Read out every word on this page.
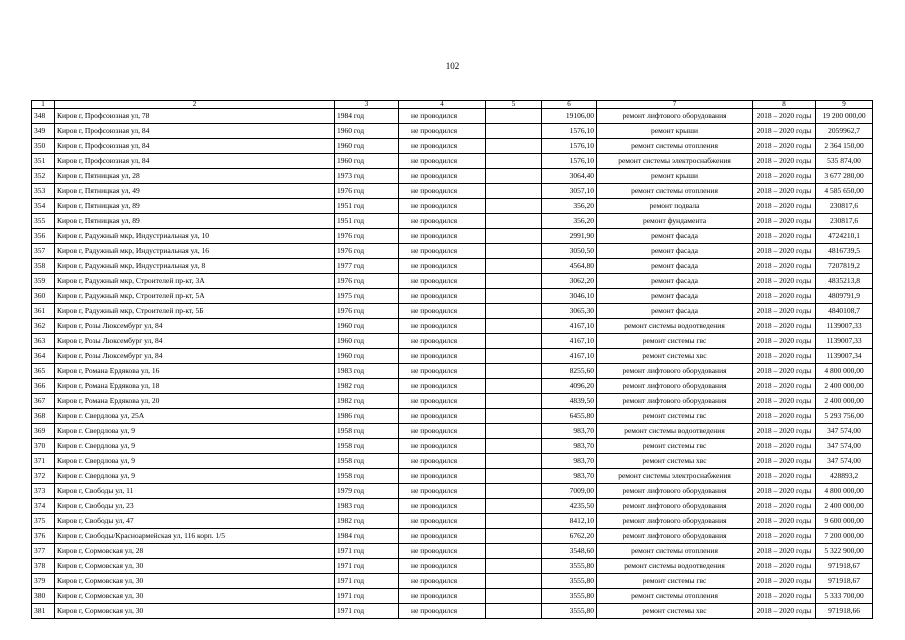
102
1	2	3	4	5	6	7	8	9
348	Киров г, Профсоюзная ул, 78	1984 год	не проводился		19106,00	ремонт лифтового оборудования	2018 – 2020 годы	19 200 000,00
349	Киров г, Профсоюзная ул, 84	1960 год	не проводился		1576,10	ремонт крыши	2018 – 2020 годы	2059962,7
350	Киров г, Профсоюзная ул, 84	1960 год	не проводился		1576,10	ремонт системы отопления	2018 – 2020 годы	2 364 150,00
351	Киров г, Профсоюзная ул, 84	1960 год	не проводился		1576,10	ремонт системы электроснабжения	2018 – 2020 годы	535 874,00
352	Киров г, Пятницкая ул, 28	1973 год	не проводился		3064,40	ремонт крыши	2018 – 2020 годы	3 677 280,00
353	Киров г, Пятницкая ул, 49	1976 год	не проводился		3057,10	ремонт системы отопления	2018 – 2020 годы	4 585 650,00
354	Киров г, Пятницкая ул, 89	1951 год	не проводился		356,20	ремонт подвала	2018 – 2020 годы	230817,6
355	Киров г, Пятницкая ул, 89	1951 год	не проводился		356,20	ремонт фундамента	2018 – 2020 годы	230817,6
356	Киров г, Радужный мкр, Индустриальная ул, 10	1976 год	не проводился		2991,90	ремонт фасада	2018 – 2020 годы	4724210,1
357	Киров г, Радужный мкр, Индустриальная ул, 16	1976 год	не проводился		3050,50	ремонт фасада	2018 – 2020 годы	4816739,5
358	Киров г, Радужный мкр, Индустриальная ул, 8	1977 год	не проводился		4564,80	ремонт фасада	2018 – 2020 годы	7207819,2
359	Киров г, Радужный мкр, Строителей пр-кт, 3А	1976 год	не проводился		3062,20	ремонт фасада	2018 – 2020 годы	4835213,8
360	Киров г, Радужный мкр, Строителей пр-кт, 5А	1975 год	не проводился		3046,10	ремонт фасада	2018 – 2020 годы	4809791,9
361	Киров г, Радужный мкр, Строителей пр-кт, 5Б	1976 год	не проводился		3065,30	ремонт фасада	2018 – 2020 годы	4840108,7
362	Киров г, Розы Люксембург ул, 84	1960 год	не проводился		4167,10	ремонт системы водоотведения	2018 – 2020 годы	1139007,33
363	Киров г, Розы Люксембург ул, 84	1960 год	не проводился		4167,10	ремонт системы гвс	2018 – 2020 годы	1139007,33
364	Киров г, Розы Люксембург ул, 84	1960 год	не проводился		4167,10	ремонт системы хвс	2018 – 2020 годы	1139007,34
365	Киров г, Романа Ердякова ул, 16	1983 год	не проводился		8255,60	ремонт лифтового оборудования	2018 – 2020 годы	4 800 000,00
366	Киров г, Романа Ердякова ул, 18	1982 год	не проводился		4096,20	ремонт лифтового оборудования	2018 – 2020 годы	2 400 000,00
367	Киров г, Романа Ердякова ул, 20	1982 год	не проводился		4839,50	ремонт лифтового оборудования	2018 – 2020 годы	2 400 000,00
368	Киров г. Свердлова ул, 25А	1986 год	не проводился		6455,80	ремонт системы гвс	2018 – 2020 годы	5 293 756,00
369	Киров г. Свердлова ул, 9	1958 год	не проводился		983,70	ремонт системы водоотведения	2018 – 2020 годы	347 574,00
370	Киров г. Свердлова ул, 9	1958 год	не проводился		983,70	ремонт системы гвс	2018 – 2020 годы	347 574,00
371	Киров г. Свердлова ул, 9	1958 год	не проводился		983,70	ремонт системы хвс	2018 – 2020 годы	347 574,00
372	Киров г. Свердлова ул, 9	1958 год	не проводился		983,70	ремонт системы электроснабжения	2018 – 2020 годы	428893,2
373	Киров г, Свободы ул, 11	1979 год	не проводился		7009,00	ремонт лифтового оборудования	2018 – 2020 годы	4 800 000,00
374	Киров г, Свободы ул, 23	1983 год	не проводился		4235,50	ремонт лифтового оборудования	2018 – 2020 годы	2 400 000,00
375	Киров г, Свободы ул, 47	1982 год	не проводился		8412,10	ремонт лифтового оборудования	2018 – 2020 годы	9 600 000,00
376	Киров г, Свободы/Красноармейская ул, 116 корп. 1/5	1984 год	не проводился		6762,20	ремонт лифтового оборудования	2018 – 2020 годы	7 200 000,00
377	Киров г, Сормовская ул, 28	1971 год	не проводился		3548,60	ремонт системы отопления	2018 – 2020 годы	5 322 900,00
378	Киров г, Сормовская ул, 30	1971 год	не проводился		3555,80	ремонт системы водоотведения	2018 – 2020 годы	971918,67
379	Киров г, Сормовская ул, 30	1971 год	не проводился		3555,80	ремонт системы гвс	2018 – 2020 годы	971918,67
380	Киров г, Сормовская ул, 30	1971 год	не проводился		3555,80	ремонт системы отопления	2018 – 2020 годы	5 333 700,00
381	Киров г, Сормовская ул, 30	1971 год	не проводился		3555,80	ремонт системы хвс	2018 – 2020 годы	971918,66
